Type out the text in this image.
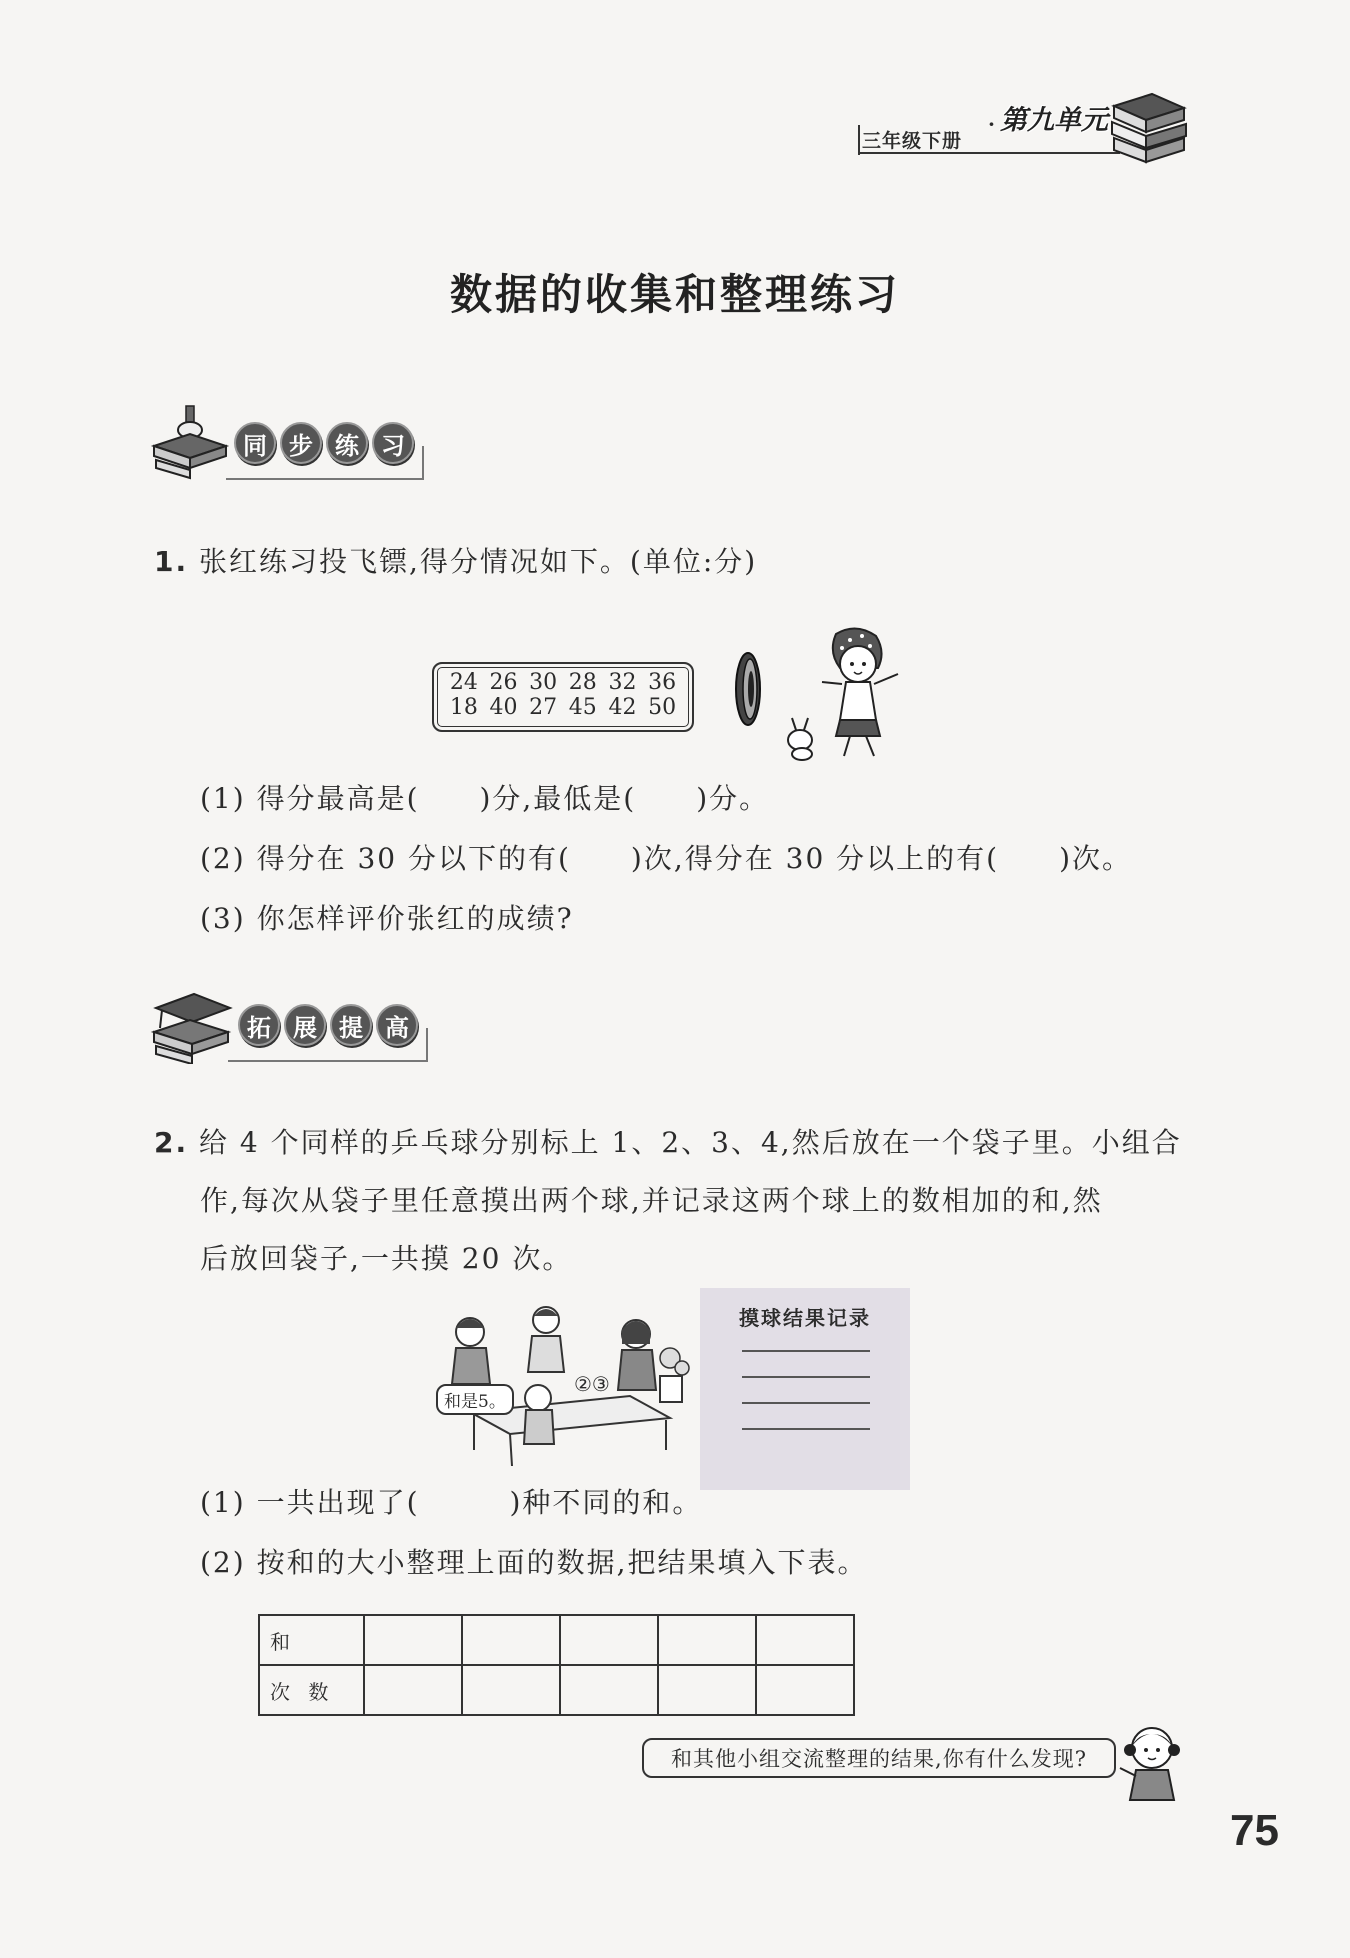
三年级下册
· 第九单元
数据的收集和整理练习
同 步 练 习
1. 张红练习投飞镖,得分情况如下。(单位:分)
24 26 30 28 32 36
18 40 27 45 42 50
(1) 得分最高是(　　)分,最低是(　　)分。
(2) 得分在 30 分以下的有(　　)次,得分在 30 分以上的有(　　)次。
(3) 你怎样评价张红的成绩?
拓 展 提 高
2. 给 4 个同样的乒乓球分别标上 1、2、3、4,然后放在一个袋子里。小组合
作,每次从袋子里任意摸出两个球,并记录这两个球上的数相加的和,然
后放回袋子,一共摸 20 次。
和是5。
②③
摸球结果记录
(1) 一共出现了(　　　)种不同的和。
(2) 按和的大小整理上面的数据,把结果填入下表。
和					
次 数					
和其他小组交流整理的结果,你有什么发现?
75
